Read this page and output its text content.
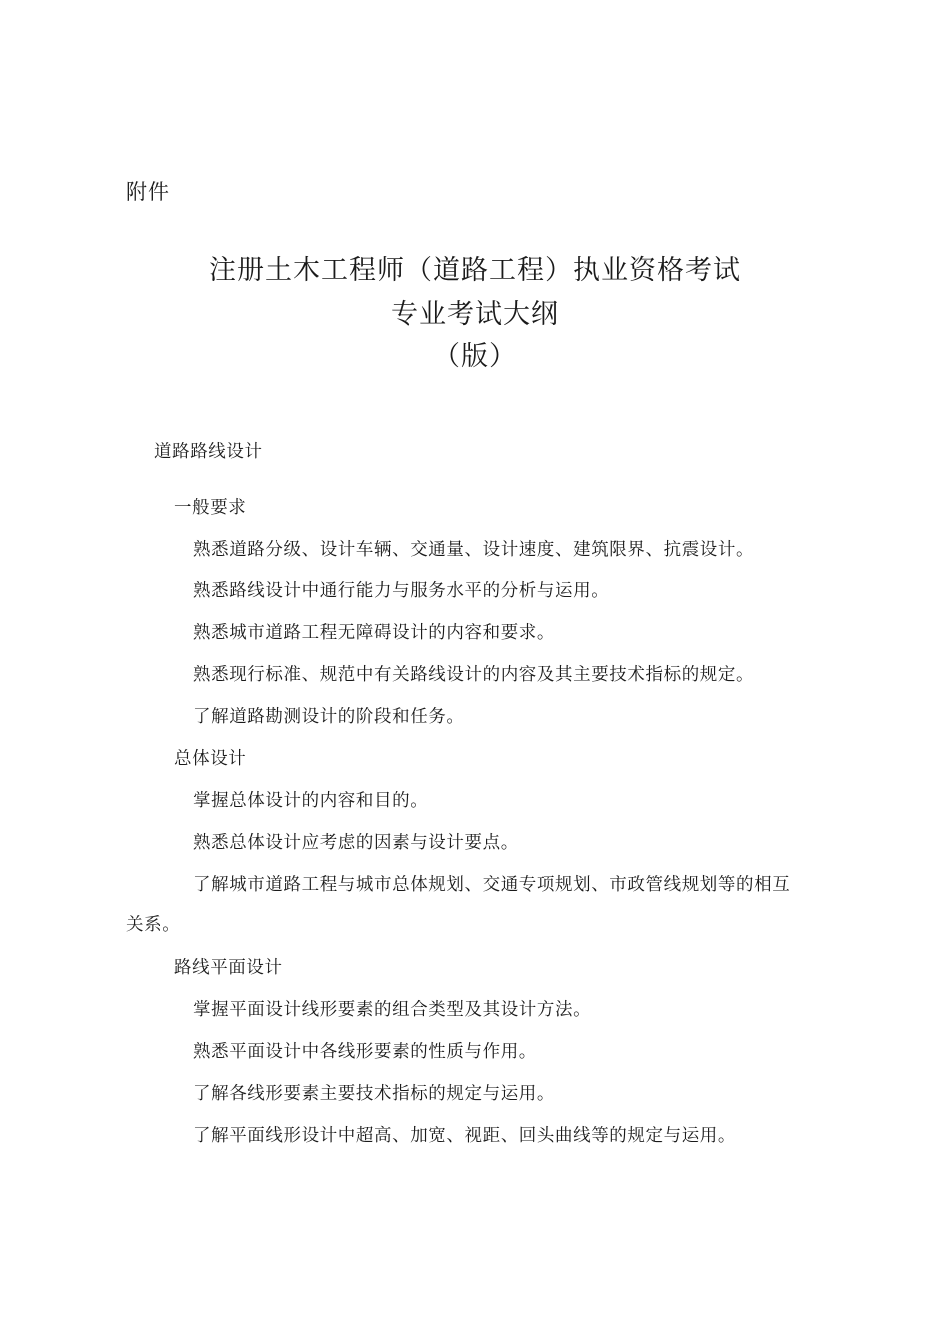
附件
注册土木工程师（道路工程）执业资格考试
专业考试大纲
（版）
道路路线设计
一般要求
熟悉道路分级、设计车辆、交通量、设计速度、建筑限界、抗震设计。
熟悉路线设计中通行能力与服务水平的分析与运用。
熟悉城市道路工程无障碍设计的内容和要求。
熟悉现行标准、规范中有关路线设计的内容及其主要技术指标的规定。
了解道路勘测设计的阶段和任务。
总体设计
掌握总体设计的内容和目的。
熟悉总体设计应考虑的因素与设计要点。
了解城市道路工程与城市总体规划、交通专项规划、市政管线规划等的相互
关系。
路线平面设计
掌握平面设计线形要素的组合类型及其设计方法。
熟悉平面设计中各线形要素的性质与作用。
了解各线形要素主要技术指标的规定与运用。
了解平面线形设计中超高、加宽、视距、回头曲线等的规定与运用。
